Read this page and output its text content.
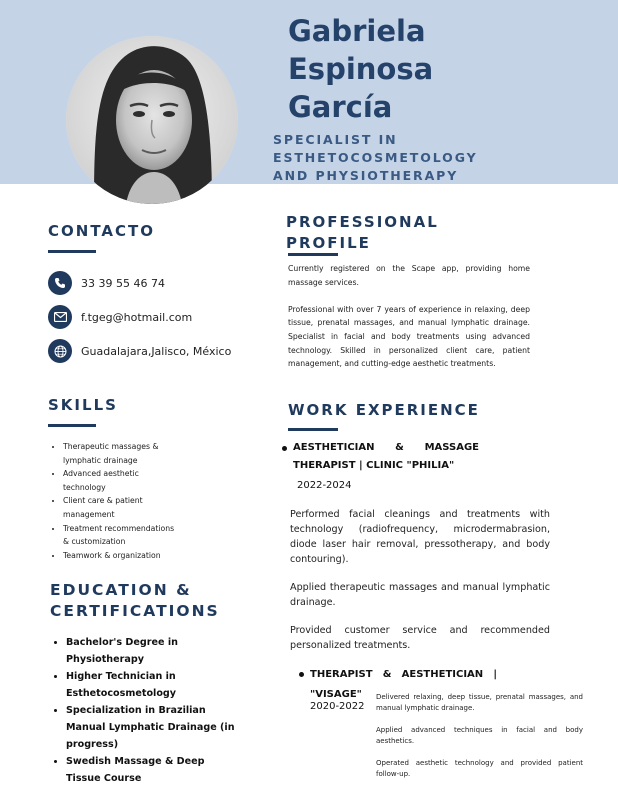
Gabriela
Espinosa
García
SPECIALIST IN
ESTHETOCOSMETOLOGY
AND PHYSIOTHERAPY
CONTACTO
33 39 55 46 74
f.tgeg@hotmail.com
Guadalajara,Jalisco, México
SKILLS
• Therapeutic massages & lymphatic drainage
• Advanced aesthetic technology
• Client care & patient management
• Treatment recommendations & customization
• Teamwork & organization
EDUCATION &
CERTIFICATIONS
• Bachelor's Degree in Physiotherapy
• Higher Technician in Esthetocosmetology
• Specialization in Brazilian Manual Lymphatic Drainage (in progress)
• Swedish Massage & Deep Tissue Course
PROFESSIONAL
PROFILE

Currently registered on the Scape app, providing home massage services.

Professional with over 7 years of experience in relaxing, deep tissue, prenatal massages, and manual lymphatic drainage. Specialist in facial and body treatments using advanced technology. Skilled in personalized client care, patient management, and cutting-edge aesthetic treatments.

WORK EXPERIENCE
AESTHETICIAN & MASSAGE
THERAPIST | CLINIC "PHILIA"
2022-2024

Performed facial cleanings and treatments with technology (radiofrequency, microdermabrasion, diode laser hair removal, pressotherapy, and body contouring).

Applied therapeutic massages and manual lymphatic drainage.

Provided customer service and recommended personalized treatments.

THERAPIST & AESTHETICIAN |
"VISAGE"
2020-2022

Delivered relaxing, deep tissue, prenatal massages, and manual lymphatic drainage.

Applied advanced techniques in facial and body aesthetics.

Operated aesthetic technology and provided patient follow-up.
